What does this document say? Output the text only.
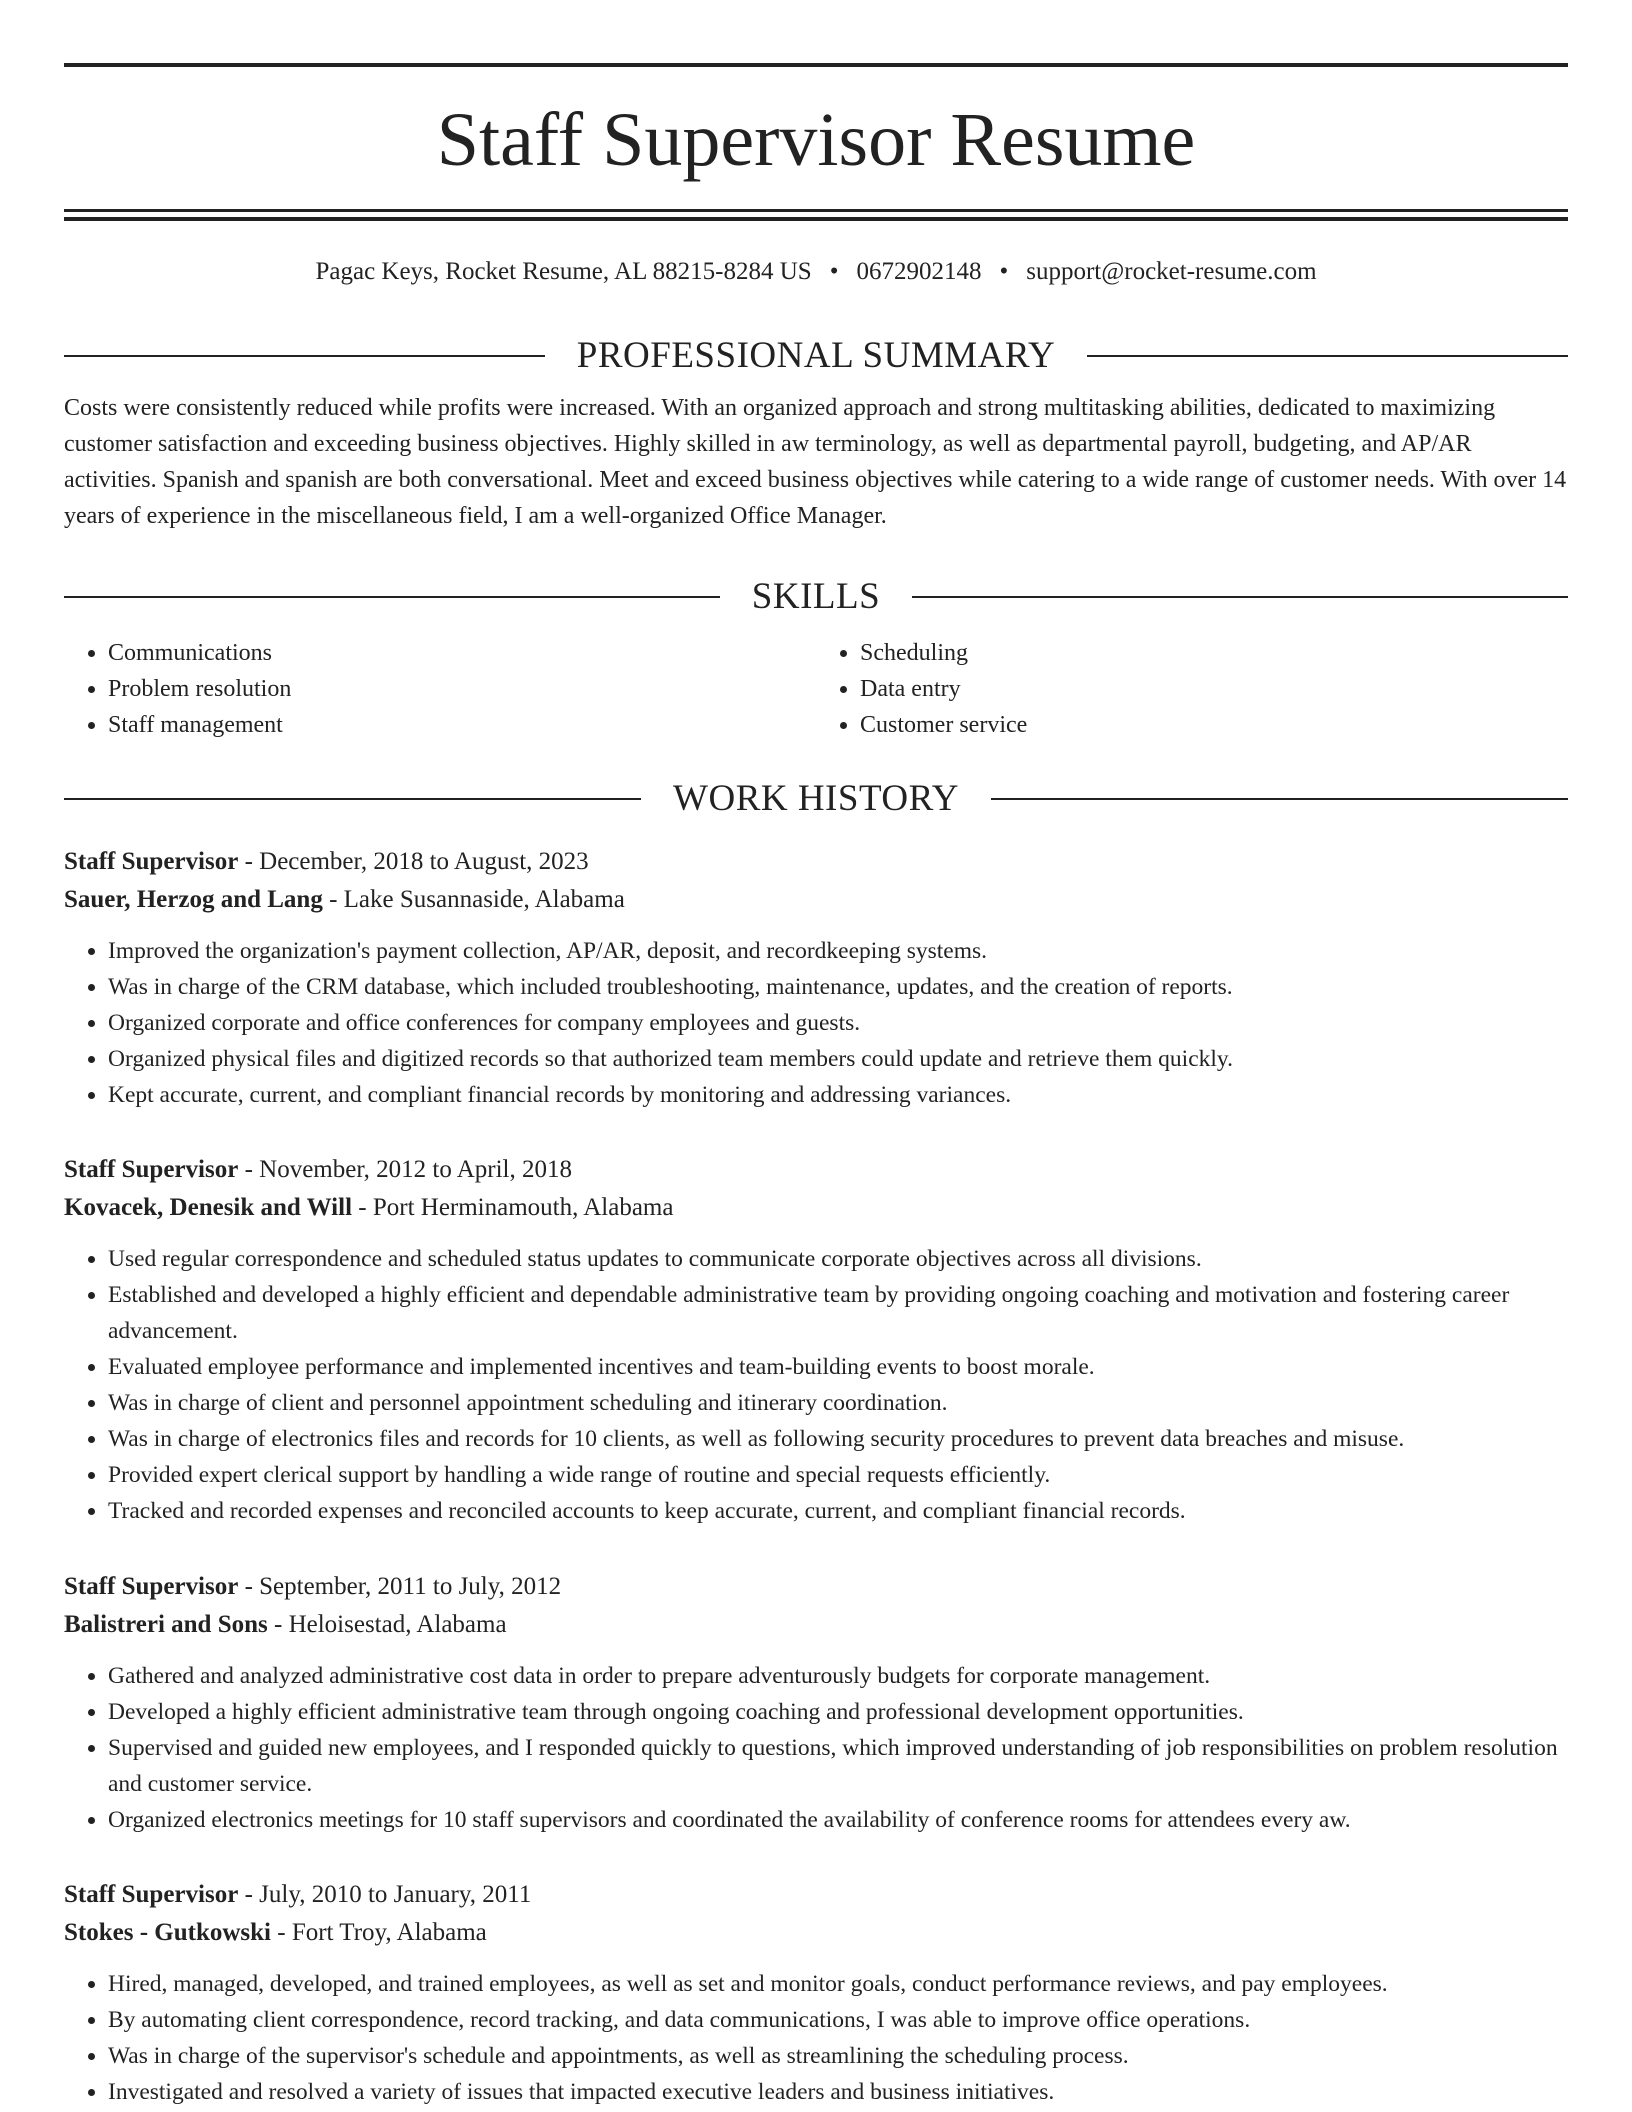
Staff Supervisor Resume
Pagac Keys, Rocket Resume, AL 88215-8284 US • 0672902148 • support@rocket-resume.com
PROFESSIONAL SUMMARY

Costs were consistently reduced while profits were increased. With an organized approach and strong multitasking abilities, dedicated to maximizing customer satisfaction and exceeding business objectives. Highly skilled in aw terminology, as well as departmental payroll, budgeting, and AP/AR activities. Spanish and spanish are both conversational. Meet and exceed business objectives while catering to a wide range of customer needs. With over 14 years of experience in the miscellaneous field, I am a well-organized Office Manager.

SKILLS
• Communications
• Problem resolution
• Staff management
• Scheduling
• Data entry
• Customer service
WORK HISTORY
Staff Supervisor - December, 2018 to August, 2023
Sauer, Herzog and Lang - Lake Susannaside, Alabama
• Improved the organization's payment collection, AP/AR, deposit, and recordkeeping systems.
• Was in charge of the CRM database, which included troubleshooting, maintenance, updates, and the creation of reports.
• Organized corporate and office conferences for company employees and guests.
• Organized physical files and digitized records so that authorized team members could update and retrieve them quickly.
• Kept accurate, current, and compliant financial records by monitoring and addressing variances.
Staff Supervisor - November, 2012 to April, 2018
Kovacek, Denesik and Will - Port Herminamouth, Alabama
• Used regular correspondence and scheduled status updates to communicate corporate objectives across all divisions.
• Established and developed a highly efficient and dependable administrative team by providing ongoing coaching and motivation and fostering career advancement.
• Evaluated employee performance and implemented incentives and team-building events to boost morale.
• Was in charge of client and personnel appointment scheduling and itinerary coordination.
• Was in charge of electronics files and records for 10 clients, as well as following security procedures to prevent data breaches and misuse.
• Provided expert clerical support by handling a wide range of routine and special requests efficiently.
• Tracked and recorded expenses and reconciled accounts to keep accurate, current, and compliant financial records.
Staff Supervisor - September, 2011 to July, 2012
Balistreri and Sons - Heloisestad, Alabama
• Gathered and analyzed administrative cost data in order to prepare adventurously budgets for corporate management.
• Developed a highly efficient administrative team through ongoing coaching and professional development opportunities.
• Supervised and guided new employees, and I responded quickly to questions, which improved understanding of job responsibilities on problem resolution and customer service.
• Organized electronics meetings for 10 staff supervisors and coordinated the availability of conference rooms for attendees every aw.
Staff Supervisor - July, 2010 to January, 2011
Stokes - Gutkowski - Fort Troy, Alabama
• Hired, managed, developed, and trained employees, as well as set and monitor goals, conduct performance reviews, and pay employees.
• By automating client correspondence, record tracking, and data communications, I was able to improve office operations.
• Was in charge of the supervisor's schedule and appointments, as well as streamlining the scheduling process.
• Investigated and resolved a variety of issues that impacted executive leaders and business initiatives.
